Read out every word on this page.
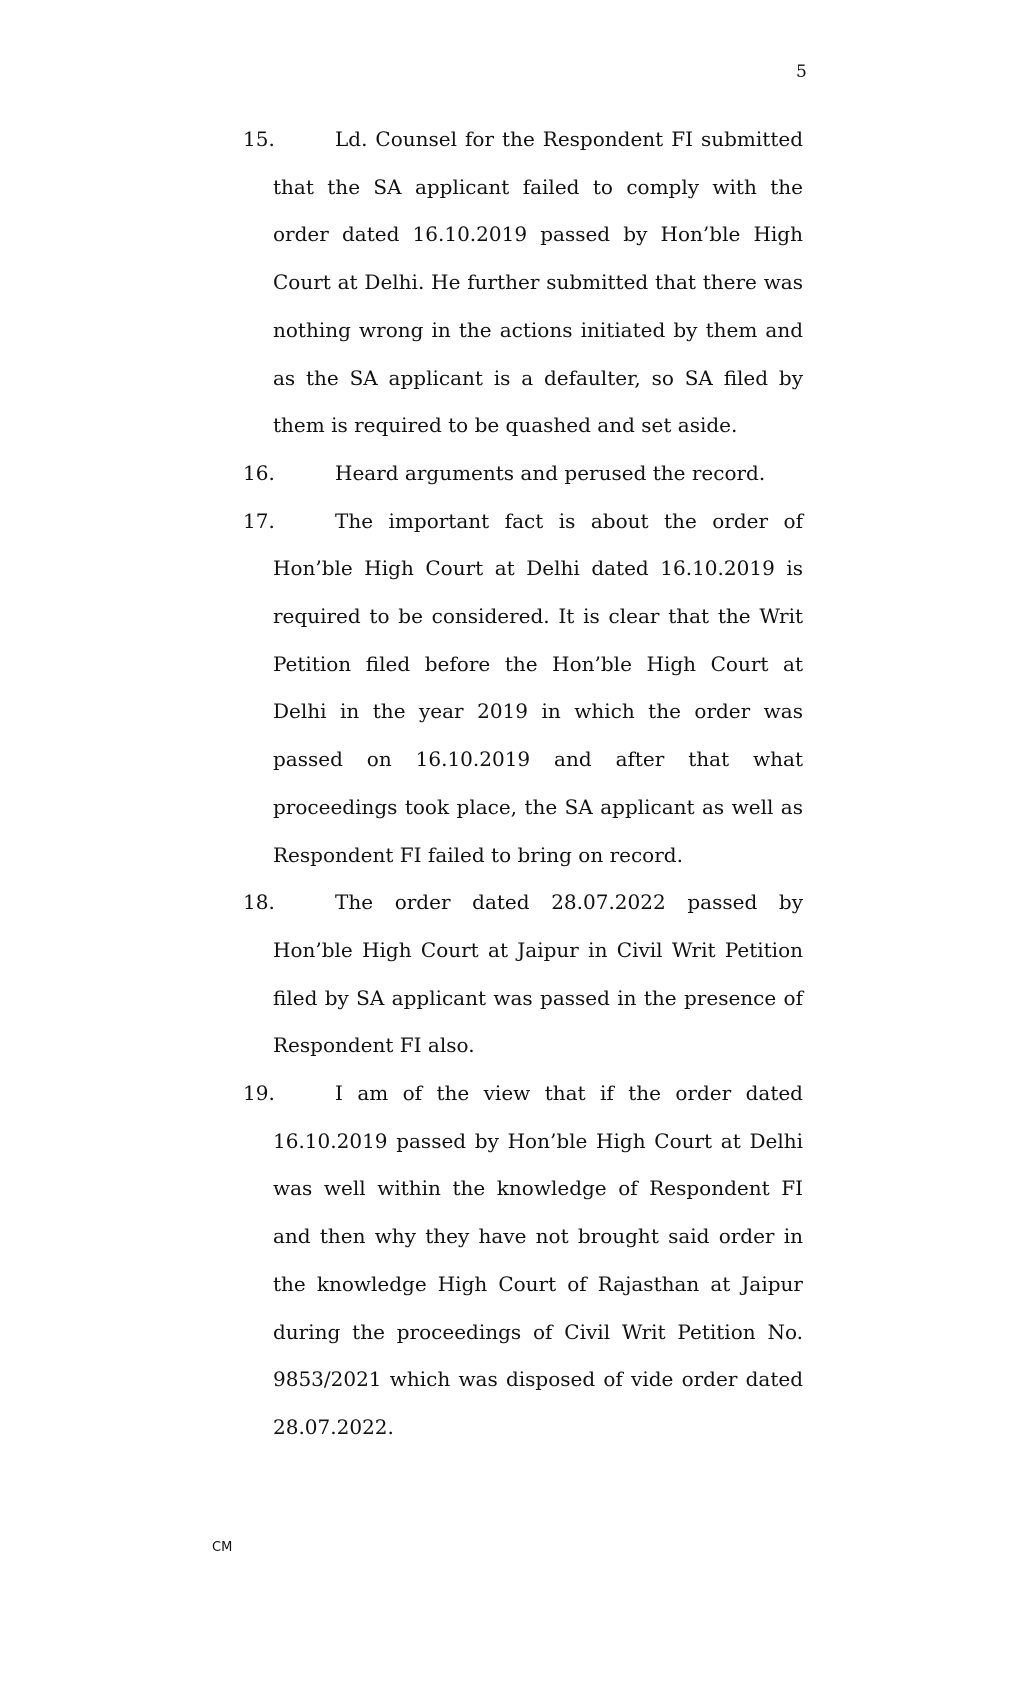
5

15.	Ld. Counsel for the Respondent FI submitted that the SA applicant failed to comply with the order dated 16.10.2019 passed by Hon’ble High Court at Delhi. He further submitted that there was nothing wrong in the actions initiated by them and as the SA applicant is a defaulter, so SA filed by them is required to be quashed and set aside.

16.	Heard arguments and perused the record.

17.	The important fact is about the order of Hon’ble High Court at Delhi dated 16.10.2019 is required to be considered. It is clear that the Writ Petition filed before the Hon’ble High Court at Delhi in the year 2019 in which the order was passed on 16.10.2019 and after that what proceedings took place, the SA applicant as well as Respondent FI failed to bring on record.

18.	The order dated 28.07.2022 passed by Hon’ble High Court at Jaipur in Civil Writ Petition filed by SA applicant was passed in the presence of Respondent FI also.

19.	I am of the view that if the order dated 16.10.2019 passed by Hon’ble High Court at Delhi was well within the knowledge of Respondent FI and then why they have not brought said order in the knowledge High Court of Rajasthan at Jaipur during the proceedings of Civil Writ Petition No. 9853/2021 which was disposed of vide order dated 28.07.2022.

CM
